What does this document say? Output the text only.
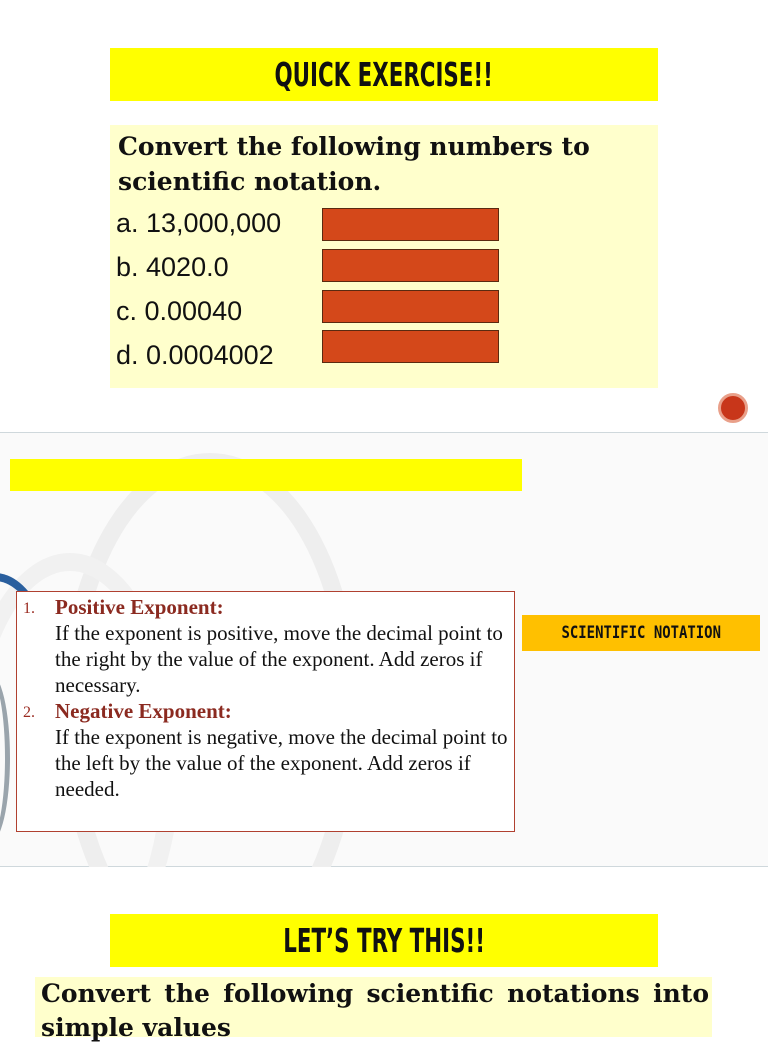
QUICK EXERCISE!!
Convert the following numbers to scientific notation.
a. 13,000,000
b. 4020.0
c. 0.00040
d. 0.0004002
1. Positive Exponent:
If the exponent is positive, move the decimal point to the right by the value of the exponent. Add zeros if necessary.
2. Negative Exponent:
If the exponent is negative, move the decimal point to the left by the value of the exponent. Add zeros if needed.
SCIENTIFIC NOTATION
LET’S TRY THIS!!
Convert the following scientific notations into simple values
